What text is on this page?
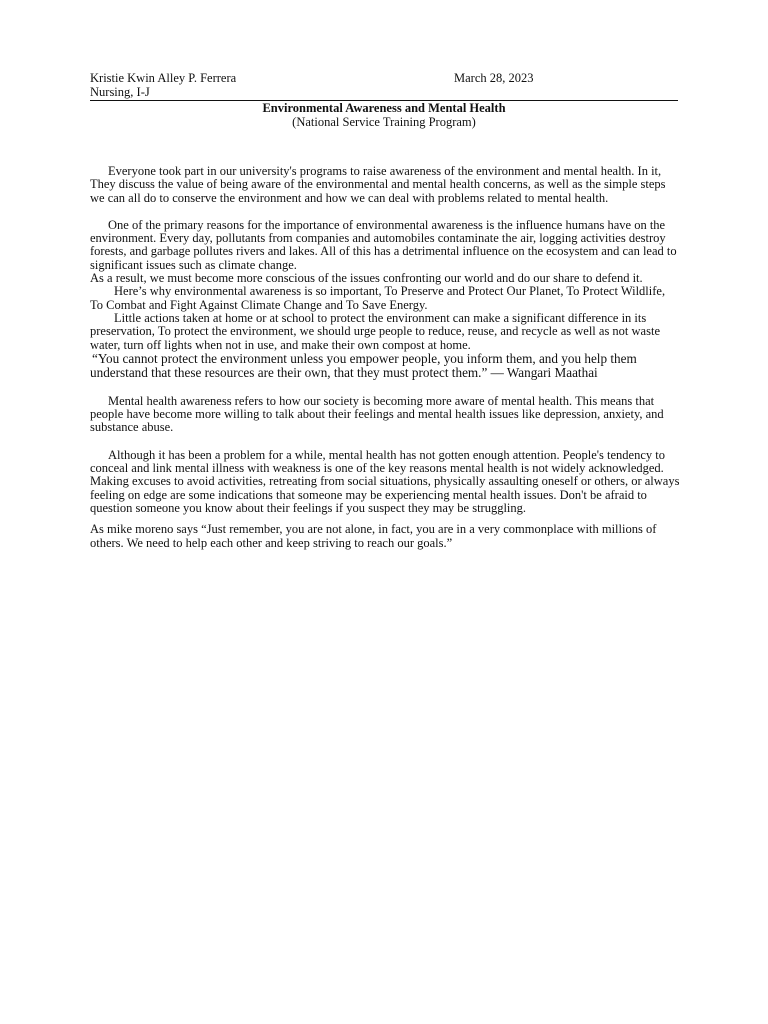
Kristie Kwin Alley P. Ferrera	March 28, 2023
Nursing, I-J
Environmental Awareness and Mental Health
(National Service Training Program)

Everyone took part in our university's programs to raise awareness of the environment and mental health. In it, They discuss the value of being aware of the environmental and mental health concerns, as well as the simple steps we can all do to conserve the environment and how we can deal with problems related to mental health.

One of the primary reasons for the importance of environmental awareness is the influence humans have on the environment. Every day, pollutants from companies and automobiles contaminate the air, logging activities destroy forests, and garbage pollutes rivers and lakes. All of this has a detrimental influence on the ecosystem and can lead to significant issues such as climate change.

As a result, we must become more conscious of the issues confronting our world and do our share to defend it.

Here’s why environmental awareness is so important, To Preserve and Protect Our Planet, To Protect Wildlife, To Combat and Fight Against Climate Change and To Save Energy.

Little actions taken at home or at school to protect the environment can make a significant difference in its preservation, To protect the environment, we should urge people to reduce, reuse, and recycle as well as not waste water, turn off lights when not in use, and make their own compost at home.

“You cannot protect the environment unless you empower people, you inform them, and you help them understand that these resources are their own, that they must protect them.” — Wangari Maathai

Mental health awareness refers to how our society is becoming more aware of mental health. This means that people have become more willing to talk about their feelings and mental health issues like depression, anxiety, and substance abuse.

Although it has been a problem for a while, mental health has not gotten enough attention. People's tendency to conceal and link mental illness with weakness is one of the key reasons mental health is not widely acknowledged. Making excuses to avoid activities, retreating from social situations, physically assaulting oneself or others, or always feeling on edge are some indications that someone may be experiencing mental health issues. Don't be afraid to question someone you know about their feelings if you suspect they may be struggling.

As mike moreno says “Just remember, you are not alone, in fact, you are in a very commonplace with millions of others. We need to help each other and keep striving to reach our goals.”
